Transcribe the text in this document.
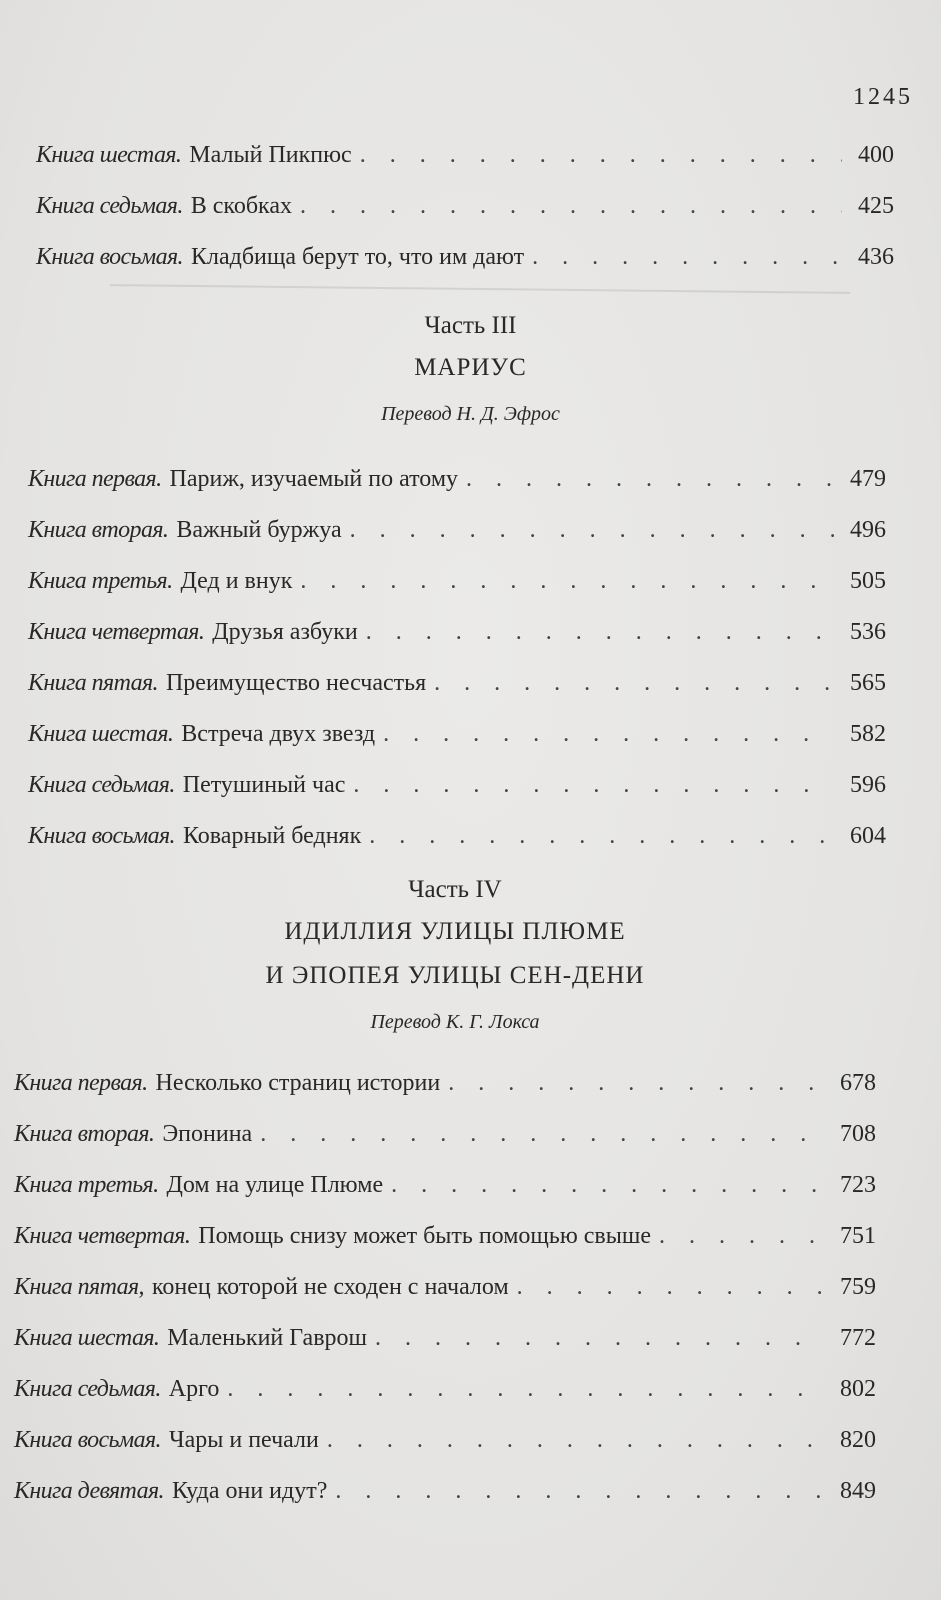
1245
Книга шестая. Малый Пикпюс . . .	400
Книга седьмая. В скобках . . .	425
Книга восьмая. Кладбища берут то, что им дают . . .	436
Часть III
МАРИУС
Перевод Н. Д. Эфрос
Книга первая. Париж, изучаемый по атому . . .	479
Книга вторая. Важный буржуа . . .	496
Книга третья. Дед и внук . . .	505
Книга четвертая. Друзья азбуки . . .	536
Книга пятая. Преимущество несчастья . . .	565
Книга шестая. Встреча двух звезд . . .	582
Книга седьмая. Петушиный час . . .	596
Книга восьмая. Коварный бедняк . . .	604
Часть IV
ИДИЛЛИЯ УЛИЦЫ ПЛЮМЕ
И ЭПОПЕЯ УЛИЦЫ СЕН-ДЕНИ
Перевод К. Г. Локса
Книга первая. Несколько страниц истории . . .	678
Книга вторая. Эпонина . . .	708
Книга третья. Дом на улице Плюме . . .	723
Книга четвертая. Помощь снизу может быть помощью свыше . . .	751
Книга пятая, конец которой не сходен с началом . . .	759
Книга шестая. Маленький Гаврош . . .	772
Книга седьмая. Арго . . .	802
Книга восьмая. Чары и печали . . .	820
Книга девятая. Куда они идут? . . .	849
